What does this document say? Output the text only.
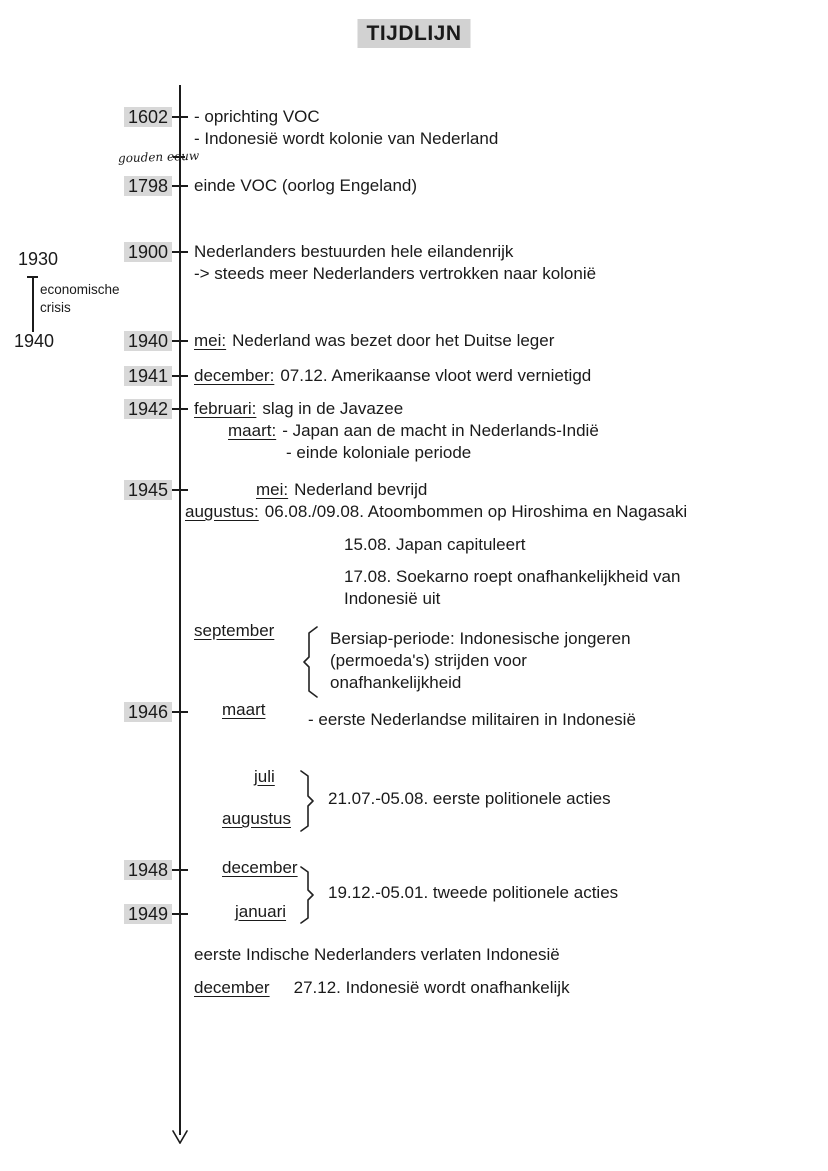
TIJDLIJN
1930
economische
crisis
1940
gouden eeuw
1602
1798
1900
1940
1941
1942
1945
1946
1948
1949
- oprichting VOC
- Indonesië wordt kolonie van Nederland
einde VOC (oorlog Engeland)
Nederlanders bestuurden hele eilandenrijk
-> steeds meer Nederlanders vertrokken naar kolonië
mei: Nederland was bezet door het Duitse leger
december: 07.12. Amerikaanse vloot werd vernietigd
februari: slag in de Javazee
maart: - Japan aan de macht in Nederlands-Indië
- einde koloniale periode
mei: Nederland bevrijd
augustus: 06.08./09.08. Atoombommen op Hiroshima en Nagasaki
15.08. Japan capituleert
17.08. Soekarno roept onafhankelijkheid van
Indonesië uit
september	Bersiap-periode: Indonesische jongeren
(permoeda's) strijden voor
onafhankelijkheid
maart
- eerste Nederlandse militairen in Indonesië
juli
augustus
21.07.-05.08. eerste politionele acties
december
19.12.-05.01. tweede politionele acties
januari
eerste Indische Nederlanders verlaten Indonesië
december 27.12. Indonesië wordt onafhankelijk
